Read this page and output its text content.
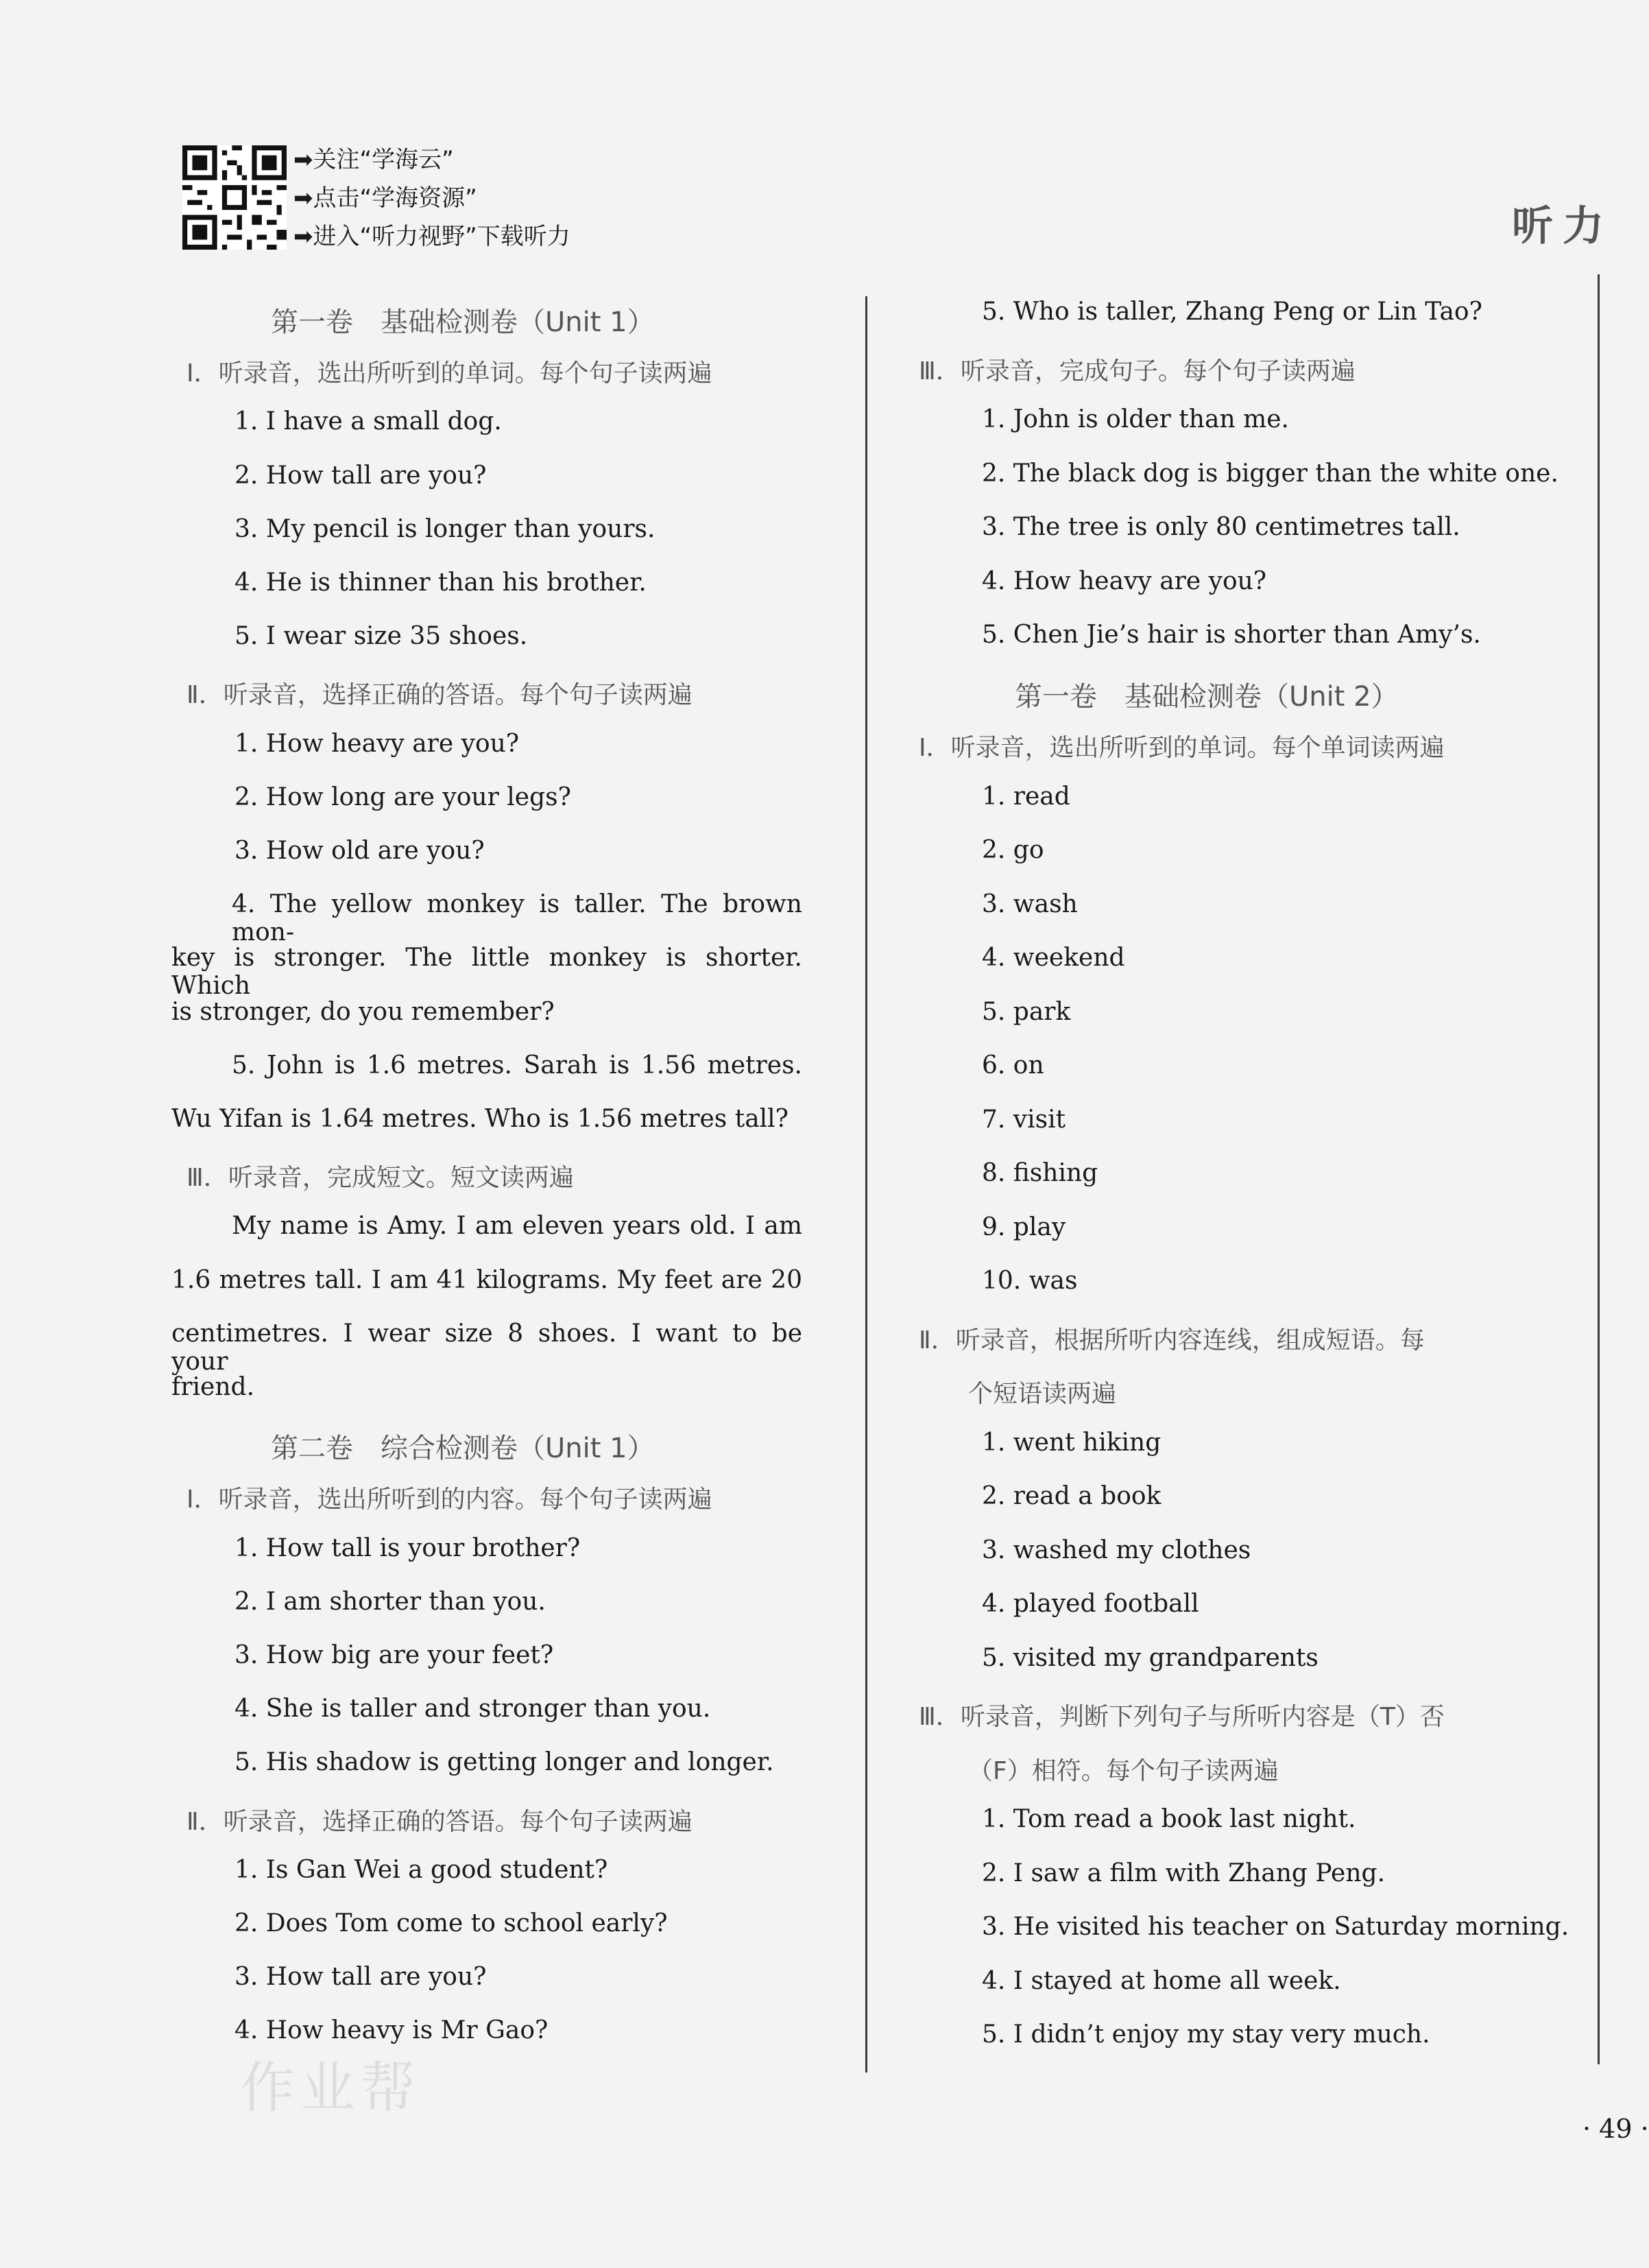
➡关注“学海云”
➡点击“学海资源”
➡进入“听力视野”下载听力	听力
第一卷　基础检测卷（Unit 1）
Ⅰ．听录音，选出所听到的单词。每个句子读两遍
1. I have a small dog.
2. How tall are you?
3. My pencil is longer than yours.
4. He is thinner than his brother.
5. I wear size 35 shoes.
Ⅱ．听录音，选择正确的答语。每个句子读两遍
1. How heavy are you?
2. How long are your legs?
3. How old are you?
4. The yellow monkey is taller. The brown mon-
key is stronger. The little monkey is shorter. Which
is stronger, do you remember?
5. John is 1.6 metres. Sarah is 1.56 metres.
Wu Yifan is 1.64 metres. Who is 1.56 metres tall?
Ⅲ．听录音，完成短文。短文读两遍
My name is Amy. I am eleven years old. I am
1.6 metres tall. I am 41 kilograms. My feet are 20
centimetres. I wear size 8 shoes. I want to be your
friend.
第二卷　综合检测卷（Unit 1）
Ⅰ．听录音，选出所听到的内容。每个句子读两遍
1. How tall is your brother?
2. I am shorter than you.
3. How big are your feet?
4. She is taller and stronger than you.
5. His shadow is getting longer and longer.
Ⅱ．听录音，选择正确的答语。每个句子读两遍
1. Is Gan Wei a good student?
2. Does Tom come to school early?
3. How tall are you?
4. How heavy is Mr Gao?
5. Who is taller, Zhang Peng or Lin Tao?
Ⅲ．听录音，完成句子。每个句子读两遍
1. John is older than me.
2. The black dog is bigger than the white one.
3. The tree is only 80 centimetres tall.
4. How heavy are you?
5. Chen Jie’s hair is shorter than Amy’s.
第一卷　基础检测卷（Unit 2）
Ⅰ．听录音，选出所听到的单词。每个单词读两遍
1. read
2. go
3. wash
4. weekend
5. park
6. on
7. visit
8. fishing
9. play
10. was
Ⅱ．听录音，根据所听内容连线，组成短语。每
个短语读两遍
1. went hiking
2. read a book
3. washed my clothes
4. played football
5. visited my grandparents
Ⅲ．听录音，判断下列句子与所听内容是（T）否
（F）相符。每个句子读两遍
1. Tom read a book last night.
2. I saw a film with Zhang Peng.
3. He visited his teacher on Saturday morning.
4. I stayed at home all week.
5. I didn’t enjoy my stay very much.
作业帮
· 49 ·
